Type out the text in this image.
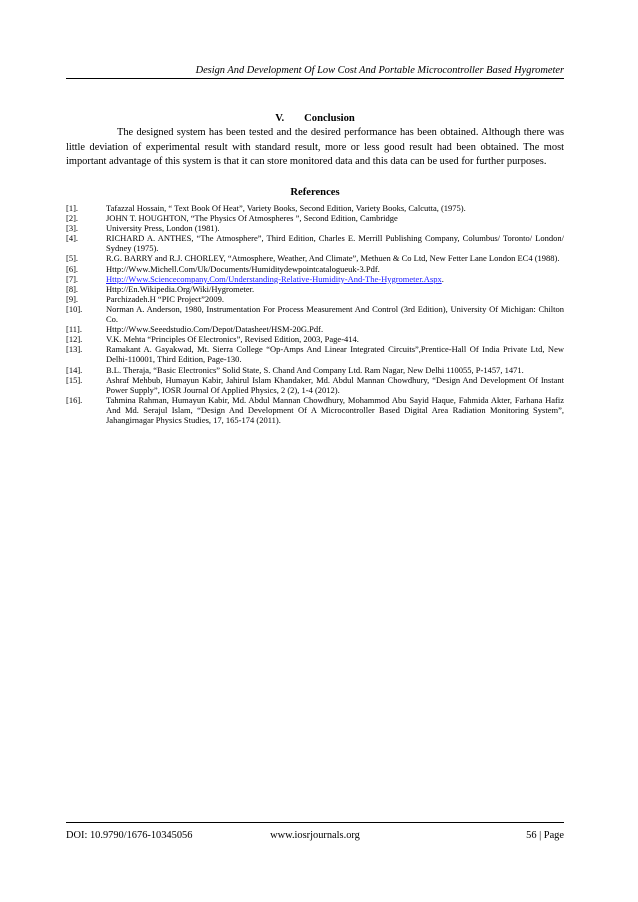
Design And Development Of Low Cost And Portable Microcontroller Based Hygrometer
V. Conclusion

The designed system has been tested and the desired performance has been obtained. Although there was little deviation of experimental result with standard result, more or less good result had been obtained. The most important advantage of this system is that it can store monitored data and this data can be used for further purposes.

References
[1].	Tafazzal Hossain, “ Text Book Of Heat”, Variety Books, Second Edition, Variety Books, Calcutta, (1975).
[2].	JOHN T. HOUGHTON, “The Physics Of Atmospheres ”, Second Edition, Cambridge
[3].	University Press, London (1981).
[4].	RICHARD A. ANTHES, “The Atmosphere”, Third Edition, Charles E. Merrill Publishing Company, Columbus/ Toronto/ London/ Sydney (1975).
[5].	R.G. BARRY and R.J. CHORLEY, “Atmosphere, Weather, And Climate”, Methuen & Co Ltd, New Fetter Lane London EC4 (1988).
[6].	Http://Www.Michell.Com/Uk/Documents/Humiditydewpointcatalogueuk-3.Pdf.
[7].	Http://Www.Sciencecompany.Com/Understanding-Relative-Humidity-And-The-Hygrometer.Aspx.
[8].	Http://En.Wikipedia.Org/Wiki/Hygrometer.
[9].	Parchizadeh.H “PIC Project”2009.
[10].	Norman A. Anderson, 1980, Instrumentation For Process Measurement And Control (3rd Edition), University Of Michigan: Chilton Co.
[11].	Http://Www.Seeedstudio.Com/Depot/Datasheet/HSM-20G.Pdf.
[12].	V.K. Mehta “Principles Of Electronics”, Revised Edition, 2003, Page-414.
[13].	Ramakant A. Gayakwad, Mt. Sierra College “Op-Amps And Linear Integrated Circuits”,Prentice-Hall Of India Private Ltd, New Delhi-110001, Third Edition, Page-130.
[14].	B.L. Theraja, “Basic Electronics” Solid State, S. Chand And Company Ltd. Ram Nagar, New Delhi 110055, P-1457, 1471.
[15].	Ashraf Mehbub, Humayun Kabir, Jahirul Islam Khandaker, Md. Abdul Mannan Chowdhury, “Design And Development Of Instant Power Supply”, IOSR Journal Of Applied Physics, 2 (2), 1-4 (2012).
[16].	Tahmina Rahman, Humayun Kabir, Md. Abdul Mannan Chowdhury, Mohammod Abu Sayid Haque, Fahmida Akter, Farhana Hafiz And Md. Serajul Islam, “Design And Development Of A Microcontroller Based Digital Area Radiation Monitoring System”, Jahangirnagar Physics Studies, 17, 165-174 (2011).
DOI: 10.9790/1676-10345056	www.iosrjournals.org	56 | Page
